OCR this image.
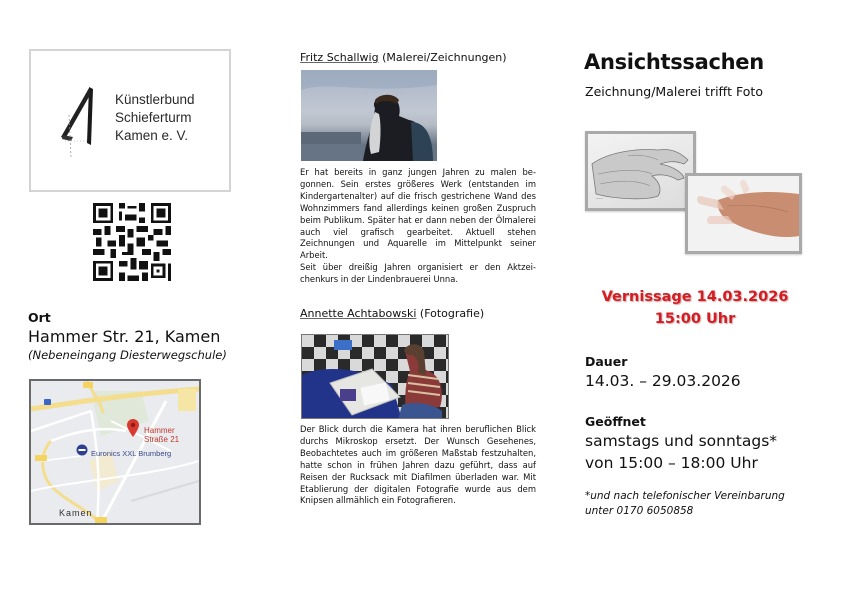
Künstlerbund
Schieferturm
Kamen e. V.
Ort
Hammer Str. 21, Kamen
(Nebeneingang Diesterwegschule)
Hammer Straße 21
Euronics XXL Brumberg
Kamen
Fritz Schallwig (Malerei/Zeichnungen)
Er hat bereits in ganz jungen Jahren zu malen begonnen. Sein erstes größeres Werk (entstanden im Kindergartenalter) auf die frisch gestrichene Wand des Wohnzimmers fand allerdings keinen großen Zuspruch beim Publikum. Später hat er dann neben der Ölmalerei auch viel grafisch gearbeitet. Aktuell stehen Zeichnungen und Aquarelle im Mittelpunkt seiner Arbeit.
Seit über dreißig Jahren organisiert er den Aktzeichenkurs in der Lindenbrauerei Unna.
Annette Achtabowski (Fotografie)
Der Blick durch die Kamera hat ihren beruflichen Blick durchs Mikroskop ersetzt. Der Wunsch Gesehenes, Beobachtetes auch im größeren Maßstab festzuhalten, hatte schon in frühen Jahren dazu geführt, dass auf Reisen der Rucksack mit Diafilmen überladen war. Mit Etablierung der digitalen Fotografie wurde aus dem Knipsen allmählich ein Fotografieren.
Ansichtssachen
Zeichnung/Malerei trifft Foto
~~~
Vernissage 14.03.2026
15:00 Uhr
Dauer
14.03. – 29.03.2026
Geöffnet
samstags und sonntags*
von 15:00 – 18:00 Uhr
*und nach telefonischer Vereinbarung
unter 0170 6050858
